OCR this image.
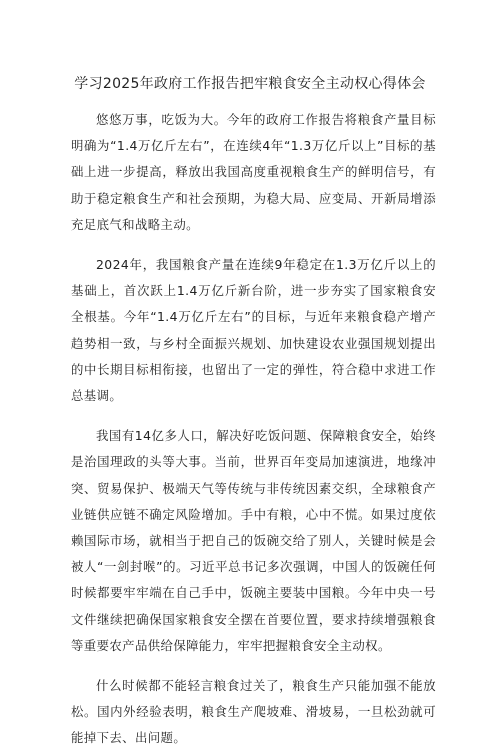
学习2025年政府工作报告把牢粮食安全主动权心得体会

悠悠万事，吃饭为大。今年的政府工作报告将粮食产量目标明确为“1.4万亿斤左右”，在连续4年“1.3万亿斤以上”目标的基础上进一步提高，释放出我国高度重视粮食生产的鲜明信号，有助于稳定粮食生产和社会预期，为稳大局、应变局、开新局增添充足底气和战略主动。

2024年，我国粮食产量在连续9年稳定在1.3万亿斤以上的基础上，首次跃上1.4万亿斤新台阶，进一步夯实了国家粮食安全根基。今年“1.4万亿斤左右”的目标，与近年来粮食稳产增产趋势相一致，与乡村全面振兴规划、加快建设农业强国规划提出的中长期目标相衔接，也留出了一定的弹性，符合稳中求进工作总基调。

我国有14亿多人口，解决好吃饭问题、保障粮食安全，始终是治国理政的头等大事。当前，世界百年变局加速演进，地缘冲突、贸易保护、极端天气等传统与非传统因素交织，全球粮食产业链供应链不确定风险增加。手中有粮，心中不慌。如果过度依赖国际市场，就相当于把自己的饭碗交给了别人，关键时候是会被人“一剑封喉”的。习近平总书记多次强调，中国人的饭碗任何时候都要牢牢端在自己手中，饭碗主要装中国粮。今年中央一号文件继续把确保国家粮食安全摆在首要位置，要求持续增强粮食等重要农产品供给保障能力，牢牢把握粮食安全主动权。

什么时候都不能轻言粮食过关了，粮食生产只能加强不能放松。国内外经验表明，粮食生产爬坡难、滑坡易，一旦松劲就可能掉下去、出问题。
